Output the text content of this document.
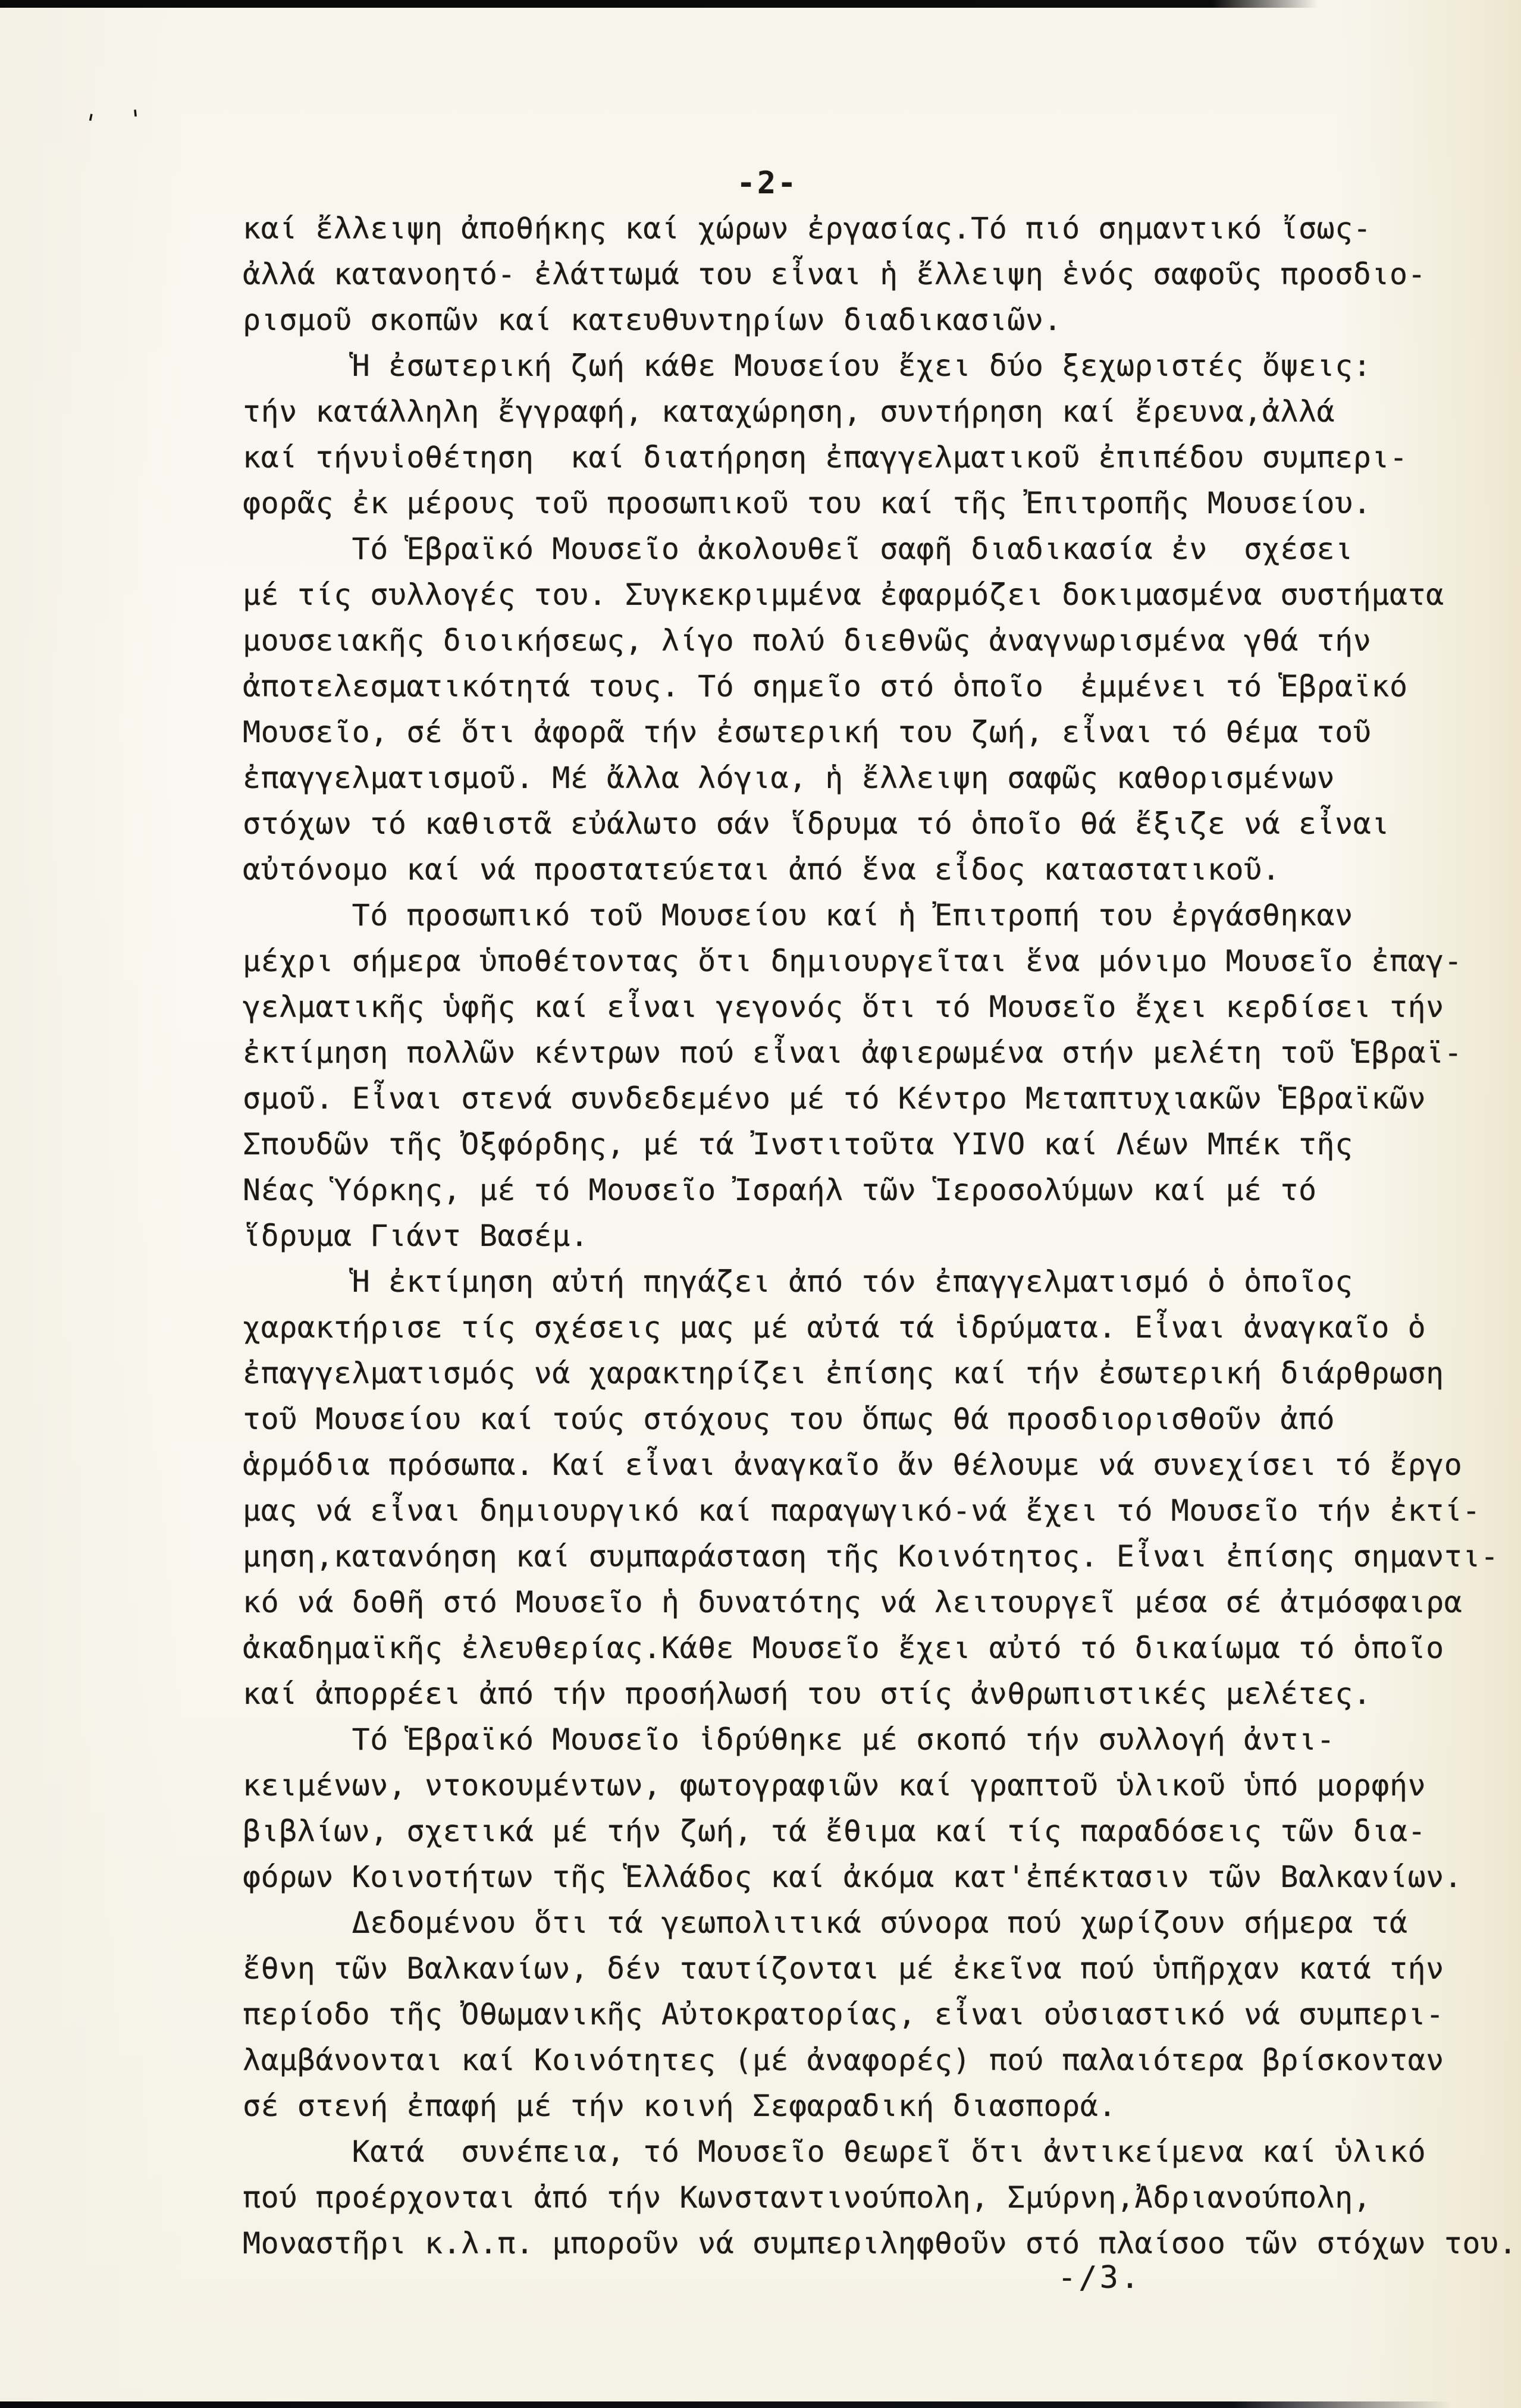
' '
-2-
καί ἔλλειψη ἀποθήκης καί χώρων ἐργασίας.Τό πιό σημαντικό ἴσως-
ἀλλά κατανοητό- ἐλάττωμά του εἶναι ἡ ἔλλειψη ἑνός σαφοῦς προσδιο-
ρισμοῦ σκοπῶν καί κατευθυντηρίων διαδικασιῶν.
Ἡ ἐσωτερική ζωή κάθε Μουσείου ἔχει δύο ξεχωριστές ὄψεις:
τήν κατάλληλη ἔγγραφή, καταχώρηση, συντήρηση καί ἔρευνα,ἀλλά
καί τήνυἱοθέτηση  καί διατήρηση ἐπαγγελματικοῦ ἐπιπέδου συμπερι-
φορᾶς ἐκ μέρους τοῦ προσωπικοῦ του καί τῆς Ἐπιτροπῆς Μουσείου.
Τό Ἑβραϊκό Μουσεῖο ἀκολουθεῖ σαφῆ διαδικασία ἐν  σχέσει
μέ τίς συλλογές του. Συγκεκριμμένα ἐφαρμόζει δοκιμασμένα συστήματα
μουσειακῆς διοικήσεως, λίγο πολύ διεθνῶς ἀναγνωρισμένα γθά τήν
ἀποτελεσματικότητά τους. Τό σημεῖο στό ὁποῖο  ἐμμένει τό Ἑβραϊκό
Μουσεῖο, σέ ὅτι ἀφορᾶ τήν ἐσωτερική του ζωή, εἶναι τό θέμα τοῦ
ἐπαγγελματισμοῦ. Μέ ἄλλα λόγια, ἡ ἔλλειψη σαφῶς καθορισμένων
στόχων τό καθιστᾶ εὐάλωτο σάν ἵδρυμα τό ὁποῖο θά ἔξιζε νά εἶναι
αὐτόνομο καί νά προστατεύεται ἀπό ἕνα εἶδος καταστατικοῦ.
Τό προσωπικό τοῦ Μουσείου καί ἡ Ἐπιτροπή του ἐργάσθηκαν
μέχρι σήμερα ὑποθέτοντας ὅτι δημιουργεῖται ἕνα μόνιμο Μουσεῖο ἐπαγ-
γελματικῆς ὑφῆς καί εἶναι γεγονός ὅτι τό Μουσεῖο ἔχει κερδίσει τήν
ἐκτίμηση πολλῶν κέντρων πού εἶναι ἀφιερωμένα στήν μελέτη τοῦ Ἑβραϊ-
σμοῦ. Εἶναι στενά συνδεδεμένο μέ τό Κέντρο Μεταπτυχιακῶν Ἑβραϊκῶν
Σπουδῶν τῆς Ὀξφόρδης, μέ τά Ἰνστιτοῦτα YIVO καί Λέων Μπέκ τῆς
Νέας Ὑόρκης, μέ τό Μουσεῖο Ἰσραήλ τῶν Ἱεροσολύμων καί μέ τό
ἵδρυμα Γιάντ Βασέμ.
Ἡ ἐκτίμηση αὐτή πηγάζει ἀπό τόν ἐπαγγελματισμό ὁ ὁποῖος
χαρακτήρισε τίς σχέσεις μας μέ αὐτά τά ἱδρύματα. Εἶναι ἀναγκαῖο ὁ
ἐπαγγελματισμός νά χαρακτηρίζει ἐπίσης καί τήν ἐσωτερική διάρθρωση
τοῦ Μουσείου καί τούς στόχους του ὅπως θά προσδιορισθοῦν ἀπό
ἁρμόδια πρόσωπα. Καί εἶναι ἀναγκαῖο ἄν θέλουμε νά συνεχίσει τό ἔργο
μας νά εἶναι δημιουργικό καί παραγωγικό-νά ἔχει τό Μουσεῖο τήν ἐκτί-
μηση,κατανόηση καί συμπαράσταση τῆς Κοινότητος. Εἶναι ἐπίσης σημαντι-
κό νά δοθῆ στό Μουσεῖο ἡ δυνατότης νά λειτουργεῖ μέσα σέ ἀτμόσφαιρα
ἀκαδημαϊκῆς ἐλευθερίας.Κάθε Μουσεῖο ἔχει αὐτό τό δικαίωμα τό ὁποῖο
καί ἀπορρέει ἀπό τήν προσήλωσή του στίς ἀνθρωπιστικές μελέτες.
Τό Ἑβραϊκό Μουσεῖο ἱδρύθηκε μέ σκοπό τήν συλλογή ἀντι-
κειμένων, ντοκουμέντων, φωτογραφιῶν καί γραπτοῦ ὑλικοῦ ὑπό μορφήν
βιβλίων, σχετικά μέ τήν ζωή, τά ἔθιμα καί τίς παραδόσεις τῶν δια-
φόρων Κοινοτήτων τῆς Ἑλλάδος καί ἀκόμα κατ'ἐπέκτασιν τῶν Βαλκανίων.
Δεδομένου ὅτι τά γεωπολιτικά σύνορα πού χωρίζουν σήμερα τά
ἔθνη τῶν Βαλκανίων, δέν ταυτίζονται μέ ἐκεῖνα πού ὑπῆρχαν κατά τήν
περίοδο τῆς Ὀθωμανικῆς Αὐτοκρατορίας, εἶναι οὐσιαστικό νά συμπερι-
λαμβάνονται καί Κοινότητες (μέ ἀναφορές) πού παλαιότερα βρίσκονταν
σέ στενή ἐπαφή μέ τήν κοινή Σεφαραδική διασπορά.
Κατά  συνέπεια, τό Μουσεῖο θεωρεῖ ὅτι ἀντικείμενα καί ὑλικό
πού προέρχονται ἀπό τήν Κωνσταντινούπολη, Σμύρνη,Ἀδριανούπολη,
Μοναστῆρι κ.λ.π. μποροῦν νά συμπεριληφθοῦν στό πλαίσοο τῶν στόχων του.
-/3.
